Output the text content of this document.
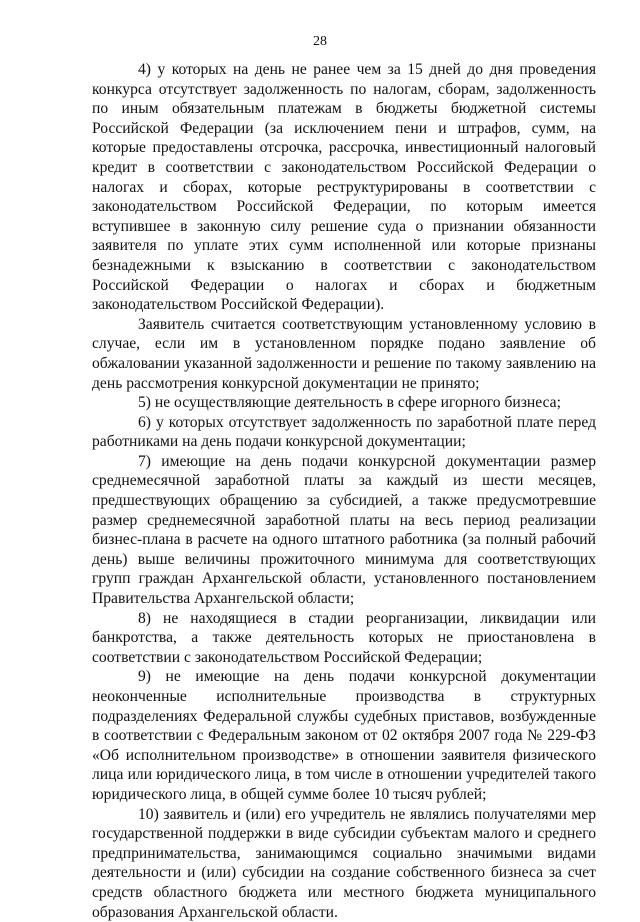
28

4) у которых на день не ранее чем за 15 дней до дня проведения конкурса отсутствует задолженность по налогам, сборам, задолженность по иным обязательным платежам в бюджеты бюджетной системы Российской Федерации (за исключением пени и штрафов, сумм, на которые предоставлены отсрочка, рассрочка, инвестиционный налоговый кредит в соответствии с законодательством Российской Федерации о налогах и сборах, которые реструктурированы в соответствии с законодательством Российской Федерации, по которым имеется вступившее в законную силу решение суда о признании обязанности заявителя по уплате этих сумм исполненной или которые признаны безнадежными к взысканию в соответствии с законодательством Российской Федерации о налогах и сборах и бюджетным законодательством Российской Федерации).

Заявитель считается соответствующим установленному условию в случае, если им в установленном порядке подано заявление об обжаловании указанной задолженности и решение по такому заявлению на день рассмотрения конкурсной документации не принято;

5) не осуществляющие деятельность в сфере игорного бизнеса;

6) у которых отсутствует задолженность по заработной плате перед работниками на день подачи конкурсной документации;

7) имеющие на день подачи конкурсной документации размер среднемесячной заработной платы за каждый из шести месяцев, предшествующих обращению за субсидией, а также предусмотревшие размер среднемесячной заработной платы на весь период реализации бизнес-плана в расчете на одного штатного работника (за полный рабочий день) выше величины прожиточного минимума для соответствующих групп граждан Архангельской области, установленного постановлением Правительства Архангельской области;

8) не находящиеся в стадии реорганизации, ликвидации или банкротства, а также деятельность которых не приостановлена в соответствии с законодательством Российской Федерации;

9) не имеющие на день подачи конкурсной документации неоконченные исполнительные производства в структурных подразделениях Федеральной службы судебных приставов, возбужденные в соответствии с Федеральным законом от 02 октября 2007 года № 229-ФЗ «Об исполнительном производстве» в отношении заявителя физического лица или юридического лица, в том числе в отношении учредителей такого юридического лица, в общей сумме более 10 тысяч рублей;

10) заявитель и (или) его учредитель не являлись получателями мер государственной поддержки в виде субсидии субъектам малого и среднего предпринимательства, занимающимся социально значимыми видами деятельности и (или) субсидии на создание собственного бизнеса за счет средств областного бюджета или местного бюджета муниципального образования Архангельской области.
